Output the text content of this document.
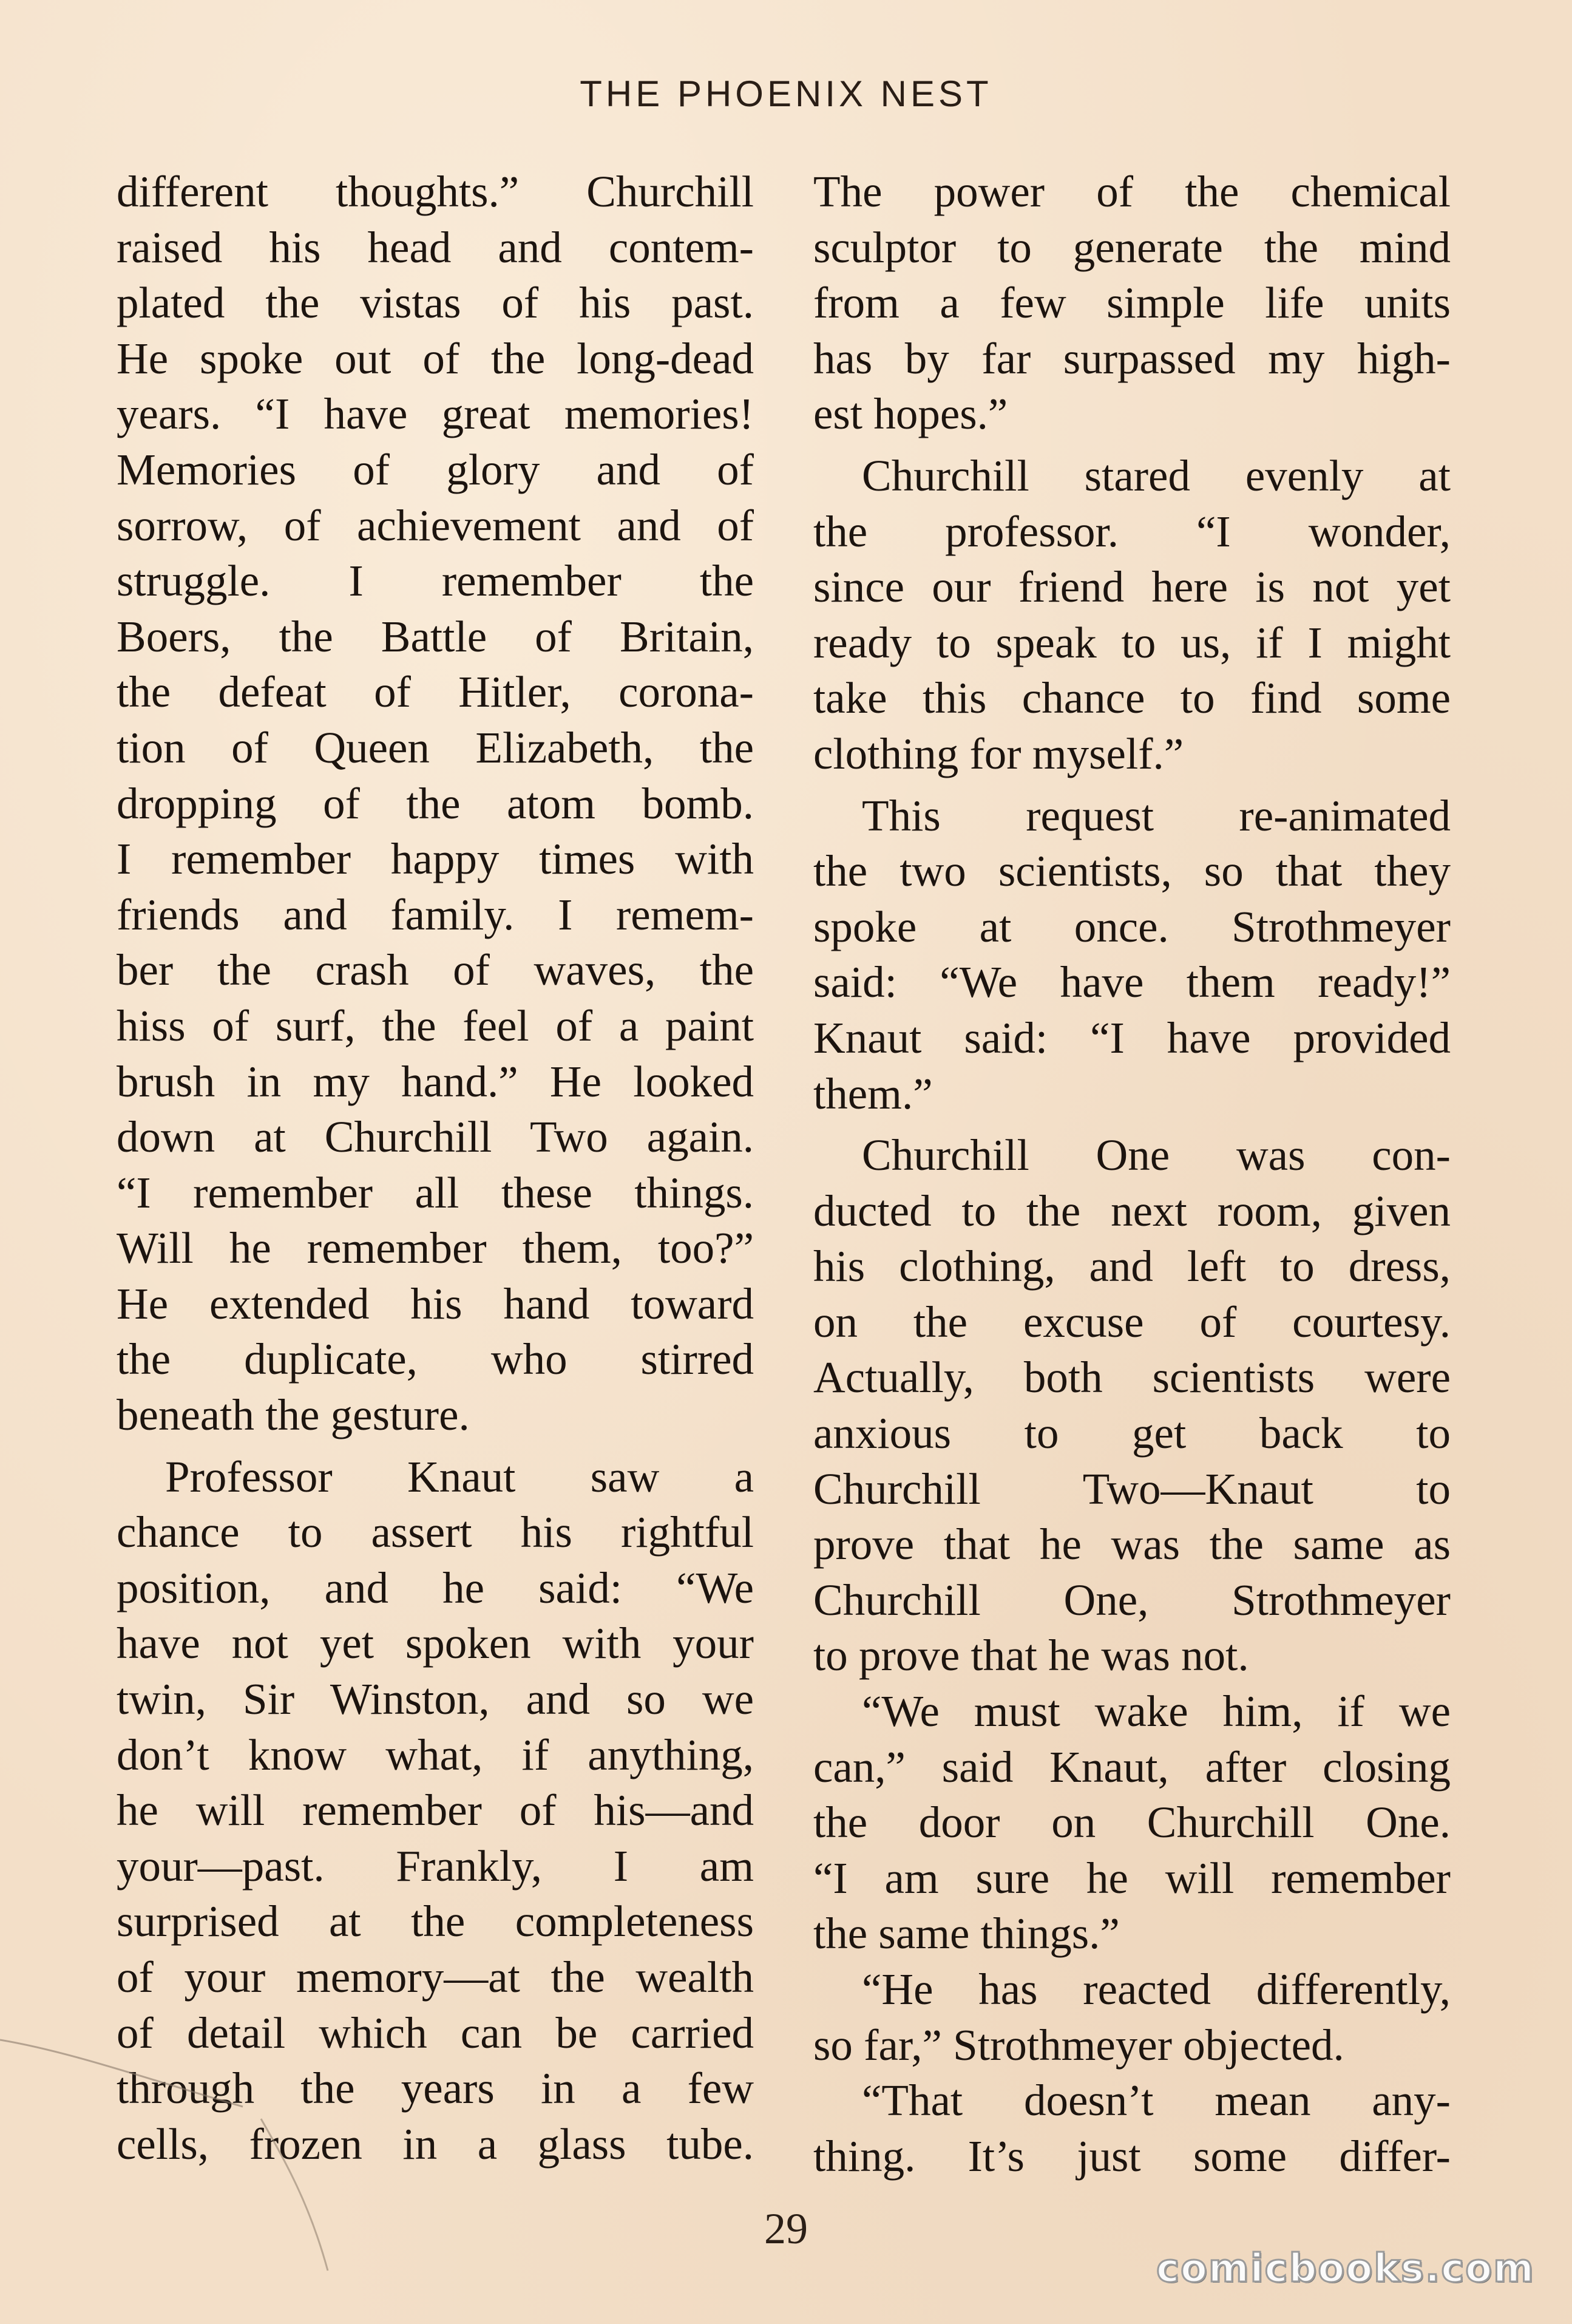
THE PHOENIX NEST
different thoughts.” Churchill
raised his head and contem-
plated the vistas of his past.
He spoke out of the long-dead
years. “I have great memories!
Memories of glory and of
sorrow, of achievement and of
struggle. I remember the
Boers, the Battle of Britain,
the defeat of Hitler, corona-
tion of Queen Elizabeth, the
dropping of the atom bomb.
I remember happy times with
friends and family. I remem-
ber the crash of waves, the
hiss of surf, the feel of a paint
brush in my hand.” He looked
down at Churchill Two again.
“I remember all these things.
Will he remember them, too?”
He extended his hand toward
the duplicate, who stirred
beneath the gesture.
Professor Knaut saw a
chance to assert his rightful
position, and he said: “We
have not yet spoken with your
twin, Sir Winston, and so we
don’t know what, if anything,
he will remember of his—and
your—past. Frankly, I am
surprised at the completeness
of your memory—at the wealth
of detail which can be carried
through the years in a few
cells, frozen in a glass tube.
The power of the chemical
sculptor to generate the mind
from a few simple life units
has by far surpassed my high-
est hopes.”
Churchill stared evenly at
the professor. “I wonder,
since our friend here is not yet
ready to speak to us, if I might
take this chance to find some
clothing for myself.”
This request re-animated
the two scientists, so that they
spoke at once. Strothmeyer
said: “We have them ready!”
Knaut said: “I have provided
them.”
Churchill One was con-
ducted to the next room, given
his clothing, and left to dress,
on the excuse of courtesy.
Actually, both scientists were
anxious to get back to
Churchill Two—Knaut to
prove that he was the same as
Churchill One, Strothmeyer
to prove that he was not.
“We must wake him, if we
can,” said Knaut, after closing
the door on Churchill One.
“I am sure he will remember
the same things.”
“He has reacted differently,
so far,” Strothmeyer objected.
“That doesn’t mean any-
thing. It’s just some differ-
29
comicbooks.com
